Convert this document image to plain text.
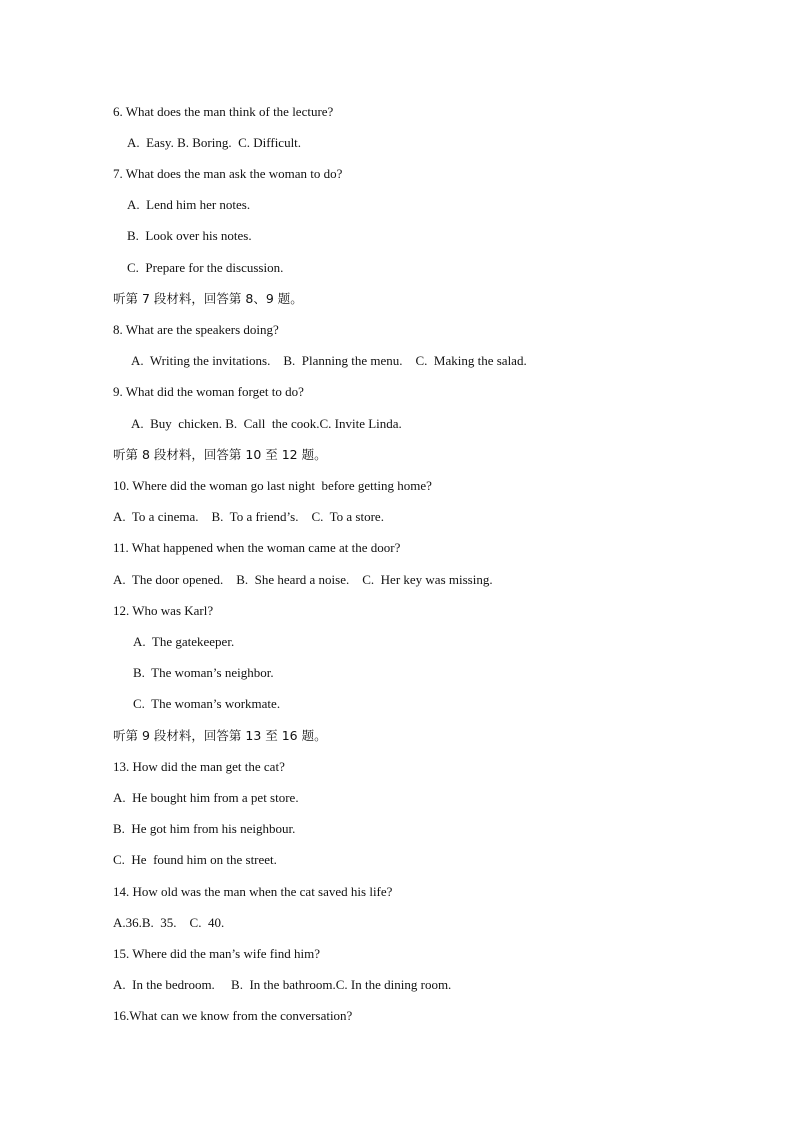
6. What does the man think of the lecture?
A.  Easy. B. Boring.  C. Difficult.
7. What does the man ask the woman to do?
A.  Lend him her notes.
B.  Look over his notes.
C.  Prepare for the discussion.
听第 7 段材料，回答第 8、9 题。
8. What are the speakers doing?
A.  Writing the invitations.    B.  Planning the menu.    C.  Making the salad.
9. What did the woman forget to do?
A.  Buy  chicken. B.  Call  the cook.C. Invite Linda.
听第 8 段材料，回答第 10 至 12 题。
10. Where did the woman go last night  before getting home?
A.  To a cinema.    B.  To a friend’s.    C.  To a store.
11. What happened when the woman came at the door?
A.  The door opened.    B.  She heard a noise.    C.  Her key was missing.
12. Who was Karl?
A.  The gatekeeper.
B.  The woman’s neighbor.
C.  The woman’s workmate.
听第 9 段材料，回答第 13 至 16 题。
13. How did the man get the cat?
A.  He bought him from a pet store.
B.  He got him from his neighbour.
C.  He  found him on the street.
14. How old was the man when the cat saved his life?
A.36.B.  35.    C.  40.
15. Where did the man’s wife find him?
A.  In the bedroom.     B.  In the bathroom.C. In the dining room.
16.What can we know from the conversation?
